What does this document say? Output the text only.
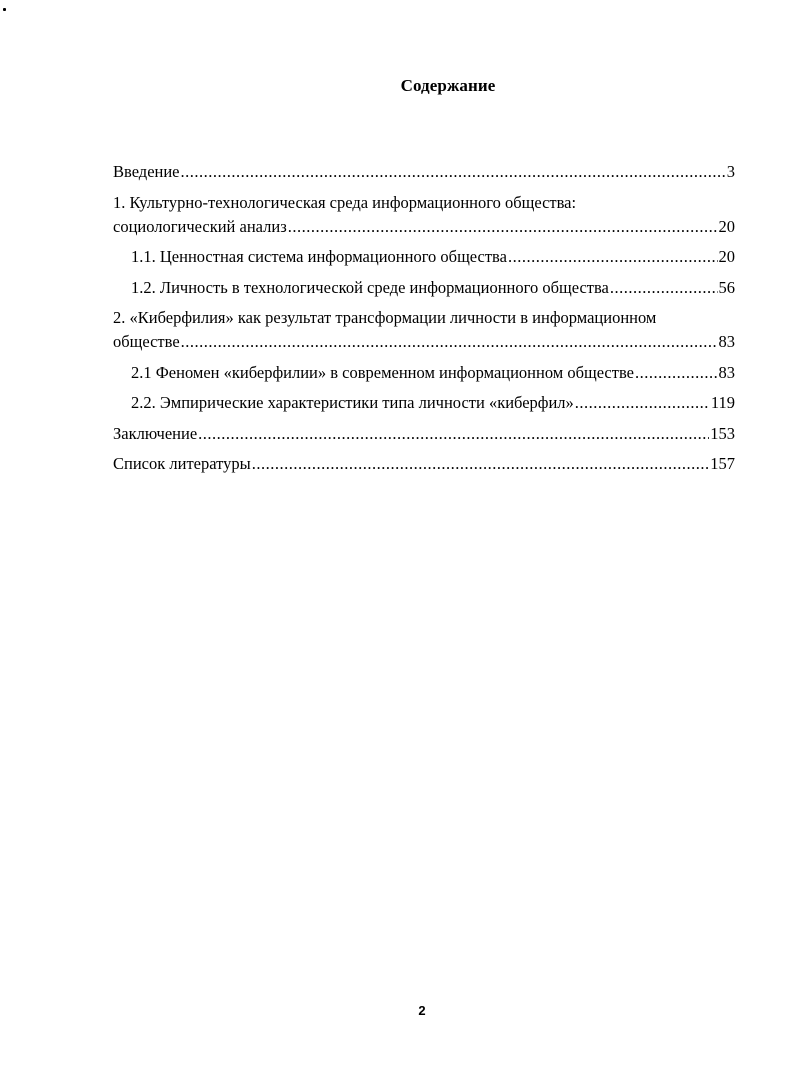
Содержание
Введение .....	3
1. Культурно-технологическая среда информационного общества:
социологический анализ .....	20
1.1. Ценностная система информационного общества .....	20
1.2. Личность в технологической среде информационного общества .....	56
2. «Киберфилия» как результат трансформации личности в информационном
обществе .....	83
2.1 Феномен «киберфилии» в современном информационном обществе .....	83
2.2. Эмпирические характеристики типа личности «киберфил» .....	119
Заключение .....	153
Список литературы .....	157
2
